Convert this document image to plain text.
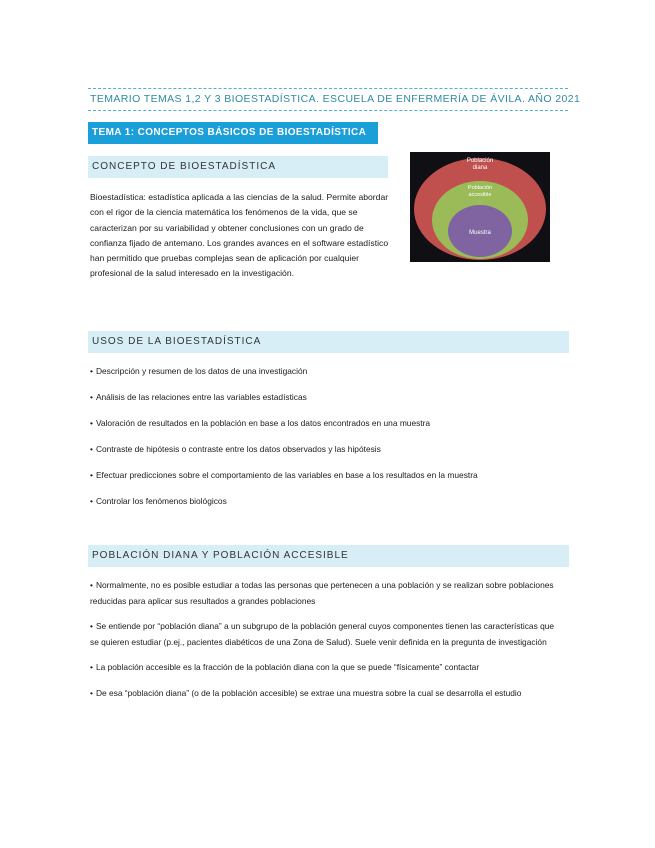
TEMARIO TEMAS 1,2 Y 3 BIOESTADÍSTICA. ESCUELA DE ENFERMERÍA DE ÁVILA. AÑO 2021
TEMA 1: CONCEPTOS BÁSICOS DE BIOESTADÍSTICA
CONCEPTO DE BIOESTADÍSTICA
Bioestadística: estadística aplicada a las ciencias de la salud. Permite abordar con el rigor de la ciencia matemática los fenómenos de la vida, que se caracterizan por su variabilidad y obtener conclusiones con un grado de confianza fijado de antemano. Los grandes avances en el software estadístico han permitido que pruebas complejas sean de aplicación por cualquier profesional de la salud interesado en la investigación.
Población
diana
Población
accesible
Muestra
USOS DE LA BIOESTADÍSTICA
• Descripción y resumen de los datos de una investigación
• Análisis de las relaciones entre las variables estadísticas
• Valoración de resultados en la población en base a los datos encontrados en una muestra
• Contraste de hipótesis o contraste entre los datos observados y las hipótesis
• Efectuar predicciones sobre el comportamiento de las variables en base a los resultados en la muestra
• Controlar los fenómenos biológicos
POBLACIÓN DIANA Y POBLACIÓN ACCESIBLE
• Normalmente, no es posible estudiar a todas las personas que pertenecen a una población y se realizan sobre poblaciones reducidas para aplicar sus resultados a grandes poblaciones
• Se entiende por “población diana” a un subgrupo de la población general cuyos componentes tienen las características que se quieren estudiar (p.ej., pacientes diabéticos de una Zona de Salud). Suele venir definida en la pregunta de investigación
• La población accesible es la fracción de la población diana con la que se puede “físicamente” contactar
• De esa “población diana” (o de la población accesible) se extrae una muestra sobre la cual se desarrolla el estudio
